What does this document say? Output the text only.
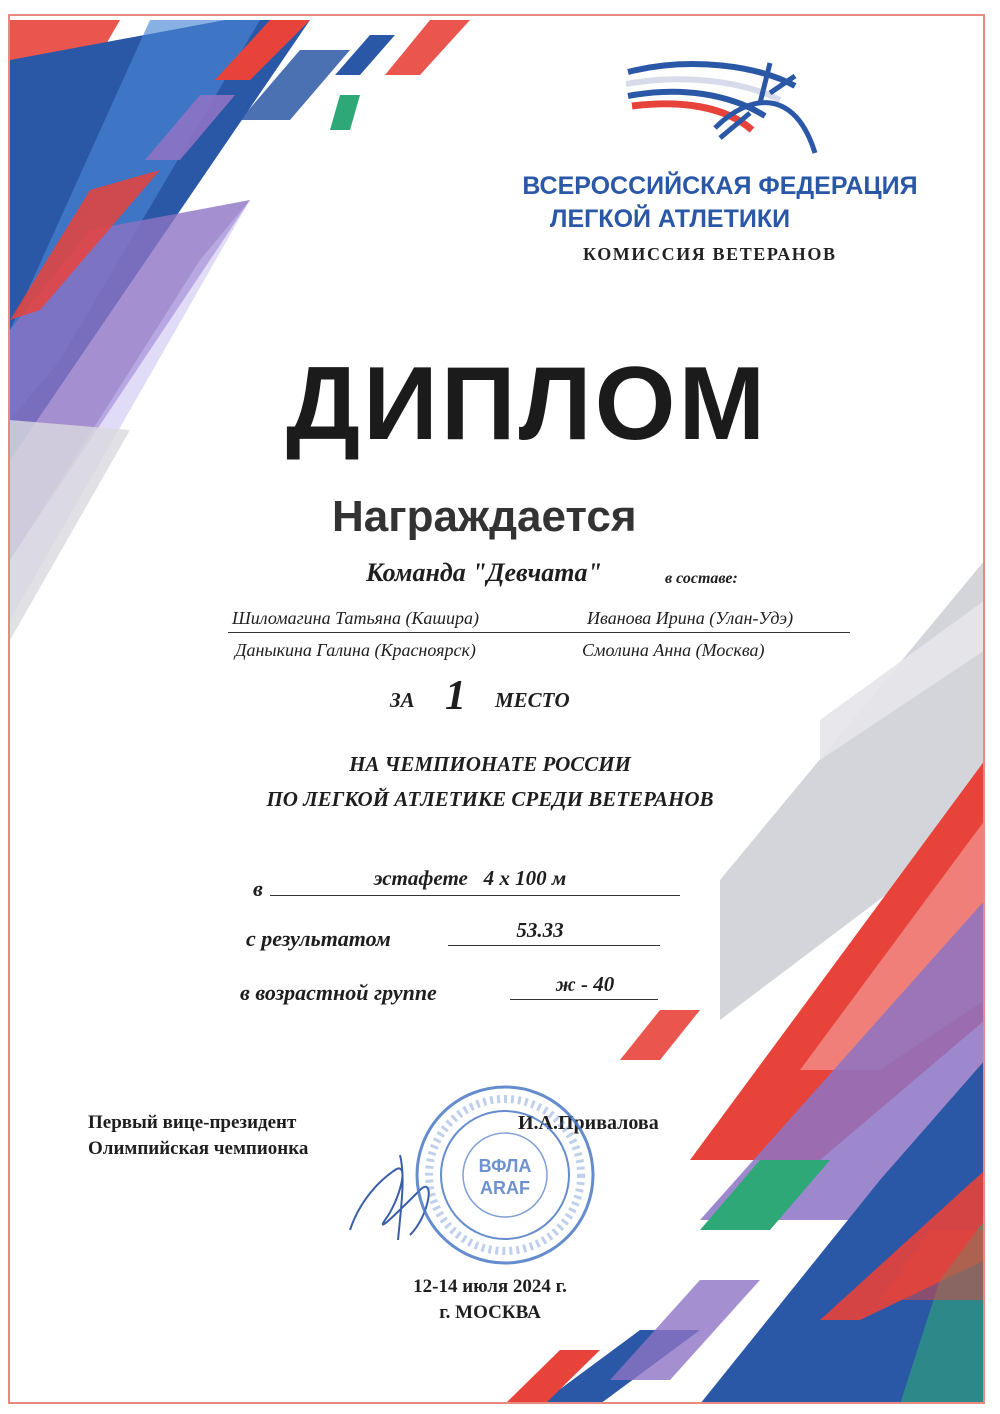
ВСЕРОССИЙСКАЯ ФЕДЕРАЦИЯ
ЛЕГКОЙ АТЛЕТИКИ
КОМИССИЯ ВЕТЕРАНОВ
ДИПЛОМ
Награждается
Команда "Девчата"	в составе:
Шиломагина Татьяна (Кашира)	Иванова Ирина (Улан-Удэ)
Даныкина Галина (Красноярск)	Смолина Анна (Москва)
ЗА 1 МЕСТО
НА ЧЕМПИОНАТЕ РОССИИ
ПО ЛЕГКОЙ АТЛЕТИКЕ СРЕДИ ВЕТЕРАНОВ
в	эстафете   4 х 100 м
с результатом	53.33
в возрастной группе	ж - 40
Первый вице-президент
Олимпийская чемпионка
И.А.Привалова
ВФЛА
ARAF
12-14 июля 2024 г.
г. МОСКВА
